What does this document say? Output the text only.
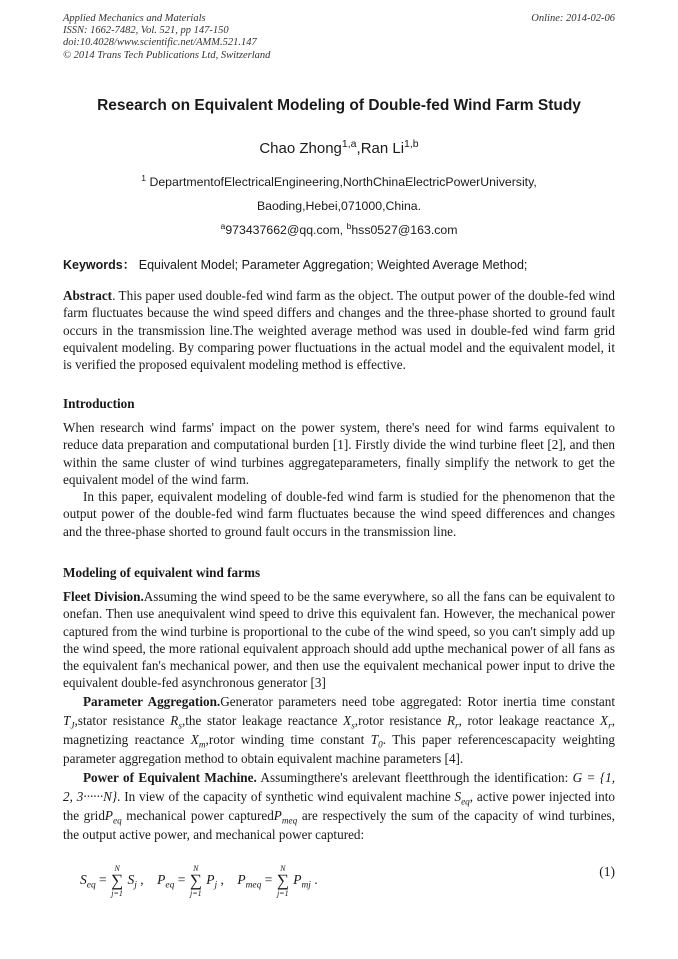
Applied Mechanics and Materials
ISSN: 1662-7482, Vol. 521, pp 147-150
doi:10.4028/www.scientific.net/AMM.521.147
© 2014 Trans Tech Publications Ltd, Switzerland
Online: 2014-02-06
Research on Equivalent Modeling of Double-fed Wind Farm Study
Chao Zhong$^{1,a}$,Ran Li$^{1,b}$
$^1$ DepartmentofElectricalEngineering,NorthChinaElectricPowerUniversity,
Baoding,Hebei,071000,China.
$^a$973437662@qq.com, $^b$hss0527@163.com
Keywords： Equivalent Model; Parameter Aggregation; Weighted Average Method;

Abstract. This paper used double-fed wind farm as the object. The output power of the double-fed wind farm fluctuates because the wind speed differs and changes and the three-phase shorted to ground fault occurs in the transmission line.The weighted average method was used in double-fed wind farm grid equivalent modeling. By comparing power fluctuations in the actual model and the equivalent model, it is verified the proposed equivalent modeling method is effective.

Introduction

When research wind farms' impact on the power system, there's need for wind farms equivalent to reduce data preparation and computational burden [1]. Firstly divide the wind turbine fleet [2], and then within the same cluster of wind turbines aggregateparameters, finally simplify the network to get the equivalent model of the wind farm.

In this paper, equivalent modeling of double-fed wind farm is studied for the phenomenon that the output power of the double-fed wind farm fluctuates because the wind speed differences and changes and the three-phase shorted to ground fault occurs in the transmission line.

Modeling of equivalent wind farms

Fleet Division.Assuming the wind speed to be the same everywhere, so all the fans can be equivalent to onefan. Then use anequivalent wind speed to drive this equivalent fan. However, the mechanical power captured from the wind turbine is proportional to the cube of the wind speed, so you can't simply add up the wind speed, the more rational equivalent approach should add upthe mechanical power of all fans as the equivalent fan's mechanical power, and then use the equivalent mechanical power input to drive the equivalent double-fed asynchronous generator [3]

Parameter Aggregation.Generator parameters need tobe aggregated: Rotor inertia time constant $T_J,stator$ resistance $R_s,the$ stator leakage reactance $X_s,rotor$ resistance $R_r$, rotor leakage reactance $X_r$, magnetizing reactance $X_m,rotor$ winding time constant $T_0$. This paper referencescapacity weighting parameter aggregation method to obtain equivalent machine parameters [4].

Power of Equivalent Machine. Assumingthere's arelevant fleetthrough the identification: G = {1, 2, 3······N}. In view of the capacity of synthetic wind equivalent machine $S_{eq}$, active power injected into the gridP$_{eq}$ mechanical power capturedP$_{meq}$ are respectively the sum of the capacity of wind turbines, the output active power, and mechanical power captured:

$S_{eq}$ =
N
∑
j=1
$S_j$ ,    $P_{eq}$ =
N
∑
j=1
$P_j$ ,    $P_{meq}$ =
N
∑
j=1
$P_{mj}$ .
(1)
